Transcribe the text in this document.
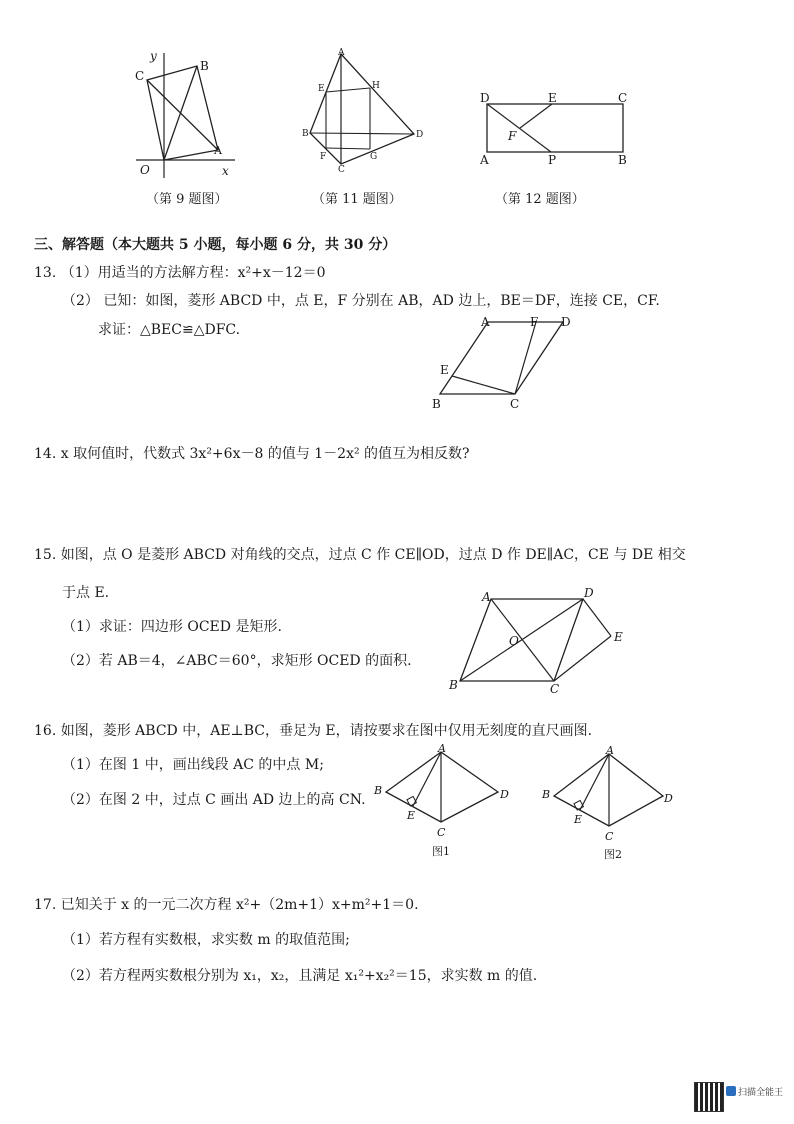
y
C
B
O
A
x
（第 9 题图）
A
E	H
B	D
F
C
G
（第 11 题图）
D	E	C
F
A	P	B
（第 12 题图）
三、解答题（本大题共 5 小题，每小题 6 分，共 30 分）
13. （1）用适当的方法解方程：x²+x－12＝0
（2） 已知：如图，菱形 ABCD 中，点 E，F 分别在 AB，AD 边上，BE＝DF，连接 CE，CF.
求证：△BEC≌△DFC.	A	F D
E
B	C
14. x 取何值时，代数式 3x²+6x－8 的值与 1－2x² 的值互为相反数?
15. 如图，点 O 是菱形 ABCD 对角线的交点，过点 C 作 CE∥OD，过点 D 作 DE∥AC，CE 与 DE 相交
于点 E.
（1）求证：四边形 OCED 是矩形.
（2）若 AB＝4，∠ABC＝60°，求矩形 OCED 的面积.
A	D
O	E
B	C
16. 如图，菱形 ABCD 中，AE⊥BC，垂足为 E，请按要求在图中仅用无刻度的直尺画图.
（1）在图 1 中，画出线段 AC 的中点 M;
（2）在图 2 中，过点 C 画出 AD 边上的高 CN.
A
B	D
E
C
图1
A
B	D
E
C
图2
17. 已知关于 x 的一元二次方程 x²+（2m+1）x+m²+1＝0.
（1）若方程有实数根，求实数 m 的取值范围;
（2）若方程两实数根分别为 x₁，x₂，且满足 x₁²+x₂²＝15，求实数 m 的值.
扫描全能王
